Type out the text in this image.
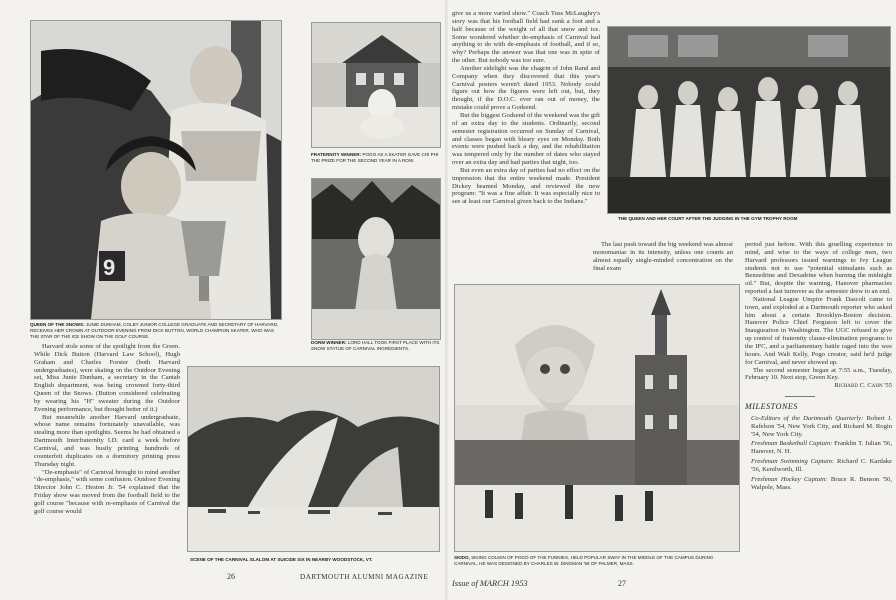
9
QUEEN OF THE SNOWS: JUNIE DUNHAM, COLBY JUNIOR COLLEGE GRADUATE AND SECRETARY OF HARVARD, RECEIVES HER CROWN AT OUTDOOR EVENING FROM DICK BUTTON, WORLD CHAMPION SKATER, WHO WAS THE STAR OF THE ICE SHOW ON THE GOLF COURSE.
FRATERNITY WINNER: POGO AS A SKATER GAVE CHI PHI THE PRIZE FOR THE SECOND YEAR IN A ROW.
DORM WINNER: LORD HALL TOOK FIRST PLACE WITH ITS SNOW STATUE OF CARNIVAL INGREDIENTS.

Harvard stole some of the spotlight from the Green. While Dick Button (Harvard Law School), Hugh Graham and Charles Forster (both Harvard undergraduates), were skating on the Outdoor Evening set, Miss Junie Dunham, a secretary in the Cantab English department, was being crowned forty-third Queen of the Snows. (Button considered celebrating by wearing his "H" sweater during the Outdoor Evening performance, but thought better of it.)

But meanwhile another Harvard undergraduate, whose name remains fortunately unavailable, was stealing more than spotlights. Seems he had obtained a Dartmouth Interfraternity I.D. card a week before Carnival, and was busily printing hundreds of counterfeit duplicates on a dormitory printing press Thursday night.

"De-emphasis" of Carnival brought to mind another "de-emphasis," with some confusion. Outdoor Evening Director John C. Heston Jr. '54 explained that the Friday show was moved from the football field to the golf course "because with re-emphasis of Carnival the golf course would

SCENE OF THE CARNIVAL SLALOM AT SUICIDE SIX IN NEARBY WOODSTOCK, VT.
26	DARTMOUTH ALUMNI MAGAZINE

give us a more varied show." Coach Tuss McLaughry's story was that his football field had sunk a foot and a half because of the weight of all that snow and ice. Some wondered whether de-emphasis of Carnival had anything to do with de-emphasis of football, and if so, why? Perhaps the answer was that one was in spite of the other. But nobody was too sure.

Another sidelight was the chagrin of John Rand and Company when they discovered that this year's Carnival posters weren't dated 1953. Nobody could figure out how the figures were left out, but, they thought, if the D.O.C. ever ran out of money, the mistake could prove a Godsend.

But the biggest Godsend of the weekend was the gift of an extra day to the students. Ordinarily, second semester registration occurred on Sunday of Carnival, and classes began with bleary eyes on Monday. Both events were pushed back a day, and the rehabilitation was tempered only by the number of dates who stayed over an extra day and had parties that night, too.

But even an extra day of parties had no effect on the impression that the entire weekend made. President Dickey beamed Monday, and reviewed the new program: "It was a fine affair. It was especially nice to see at least our Carnival given back to the Indians."

THE QUEEN AND HER COURT AFTER THE JUDGING IN THE GYM TROPHY ROOM

The last push toward the big weekend was almost monomaniac in its intensity, unless one counts an almost equally single-minded concentration on the final exam

period just before. With this gruelling experience in mind, and wise to the ways of college men, two Harvard professors issued warnings to Ivy League students not to use "potential stimulants such as Benzedrine and Dexadrine when burning the midnight oil." But, despite the warning, Hanover pharmacies reported a fast turnover as the semester drew to an end.

National League Umpire Frank Dascoli came to town, and exploded at a Dartmouth reporter who asked him about a certain Brooklyn-Boston decision. Hanover Police Chief Ferguson left to cover the Inauguration in Washington. The UGC refused to give up control of fraternity clause-elimination programs to the IFC, and a parliamentary battle raged into the wee hours. And Walt Kelly, Pogo creator, said he'd judge for Carnival, and never showed up.

The second semester began at 7:55 a.m., Tuesday, February 10. Next stop, Green Key.

Richard C. Cahn '55

MILESTONES

Co-Editors of the Dartmouth Quarterly: Robert J. Rafelson '54, New York City, and Richard M. Rogin '54, New York City.

Freshman Basketball Captain: Franklin T. Julian '56, Hanover, N. H.

Freshman Swimming Captain: Richard C. Kardake '56, Kenilworth, Ill.

Freshman Hockey Captain: Bruce R. Benson '56, Walpole, Mass.

SKIDO, SKIING COUSIN OF POGO OF THE FUNNIES, HELD POPULAR SWAY IN THE MIDDLE OF THE CAMPUS DURING CARNIVAL. HE WAS DESIGNED BY CHARLES W. DINGMAN '56 OF PALMER, MASS.
Issue of MARCH 1953	27
